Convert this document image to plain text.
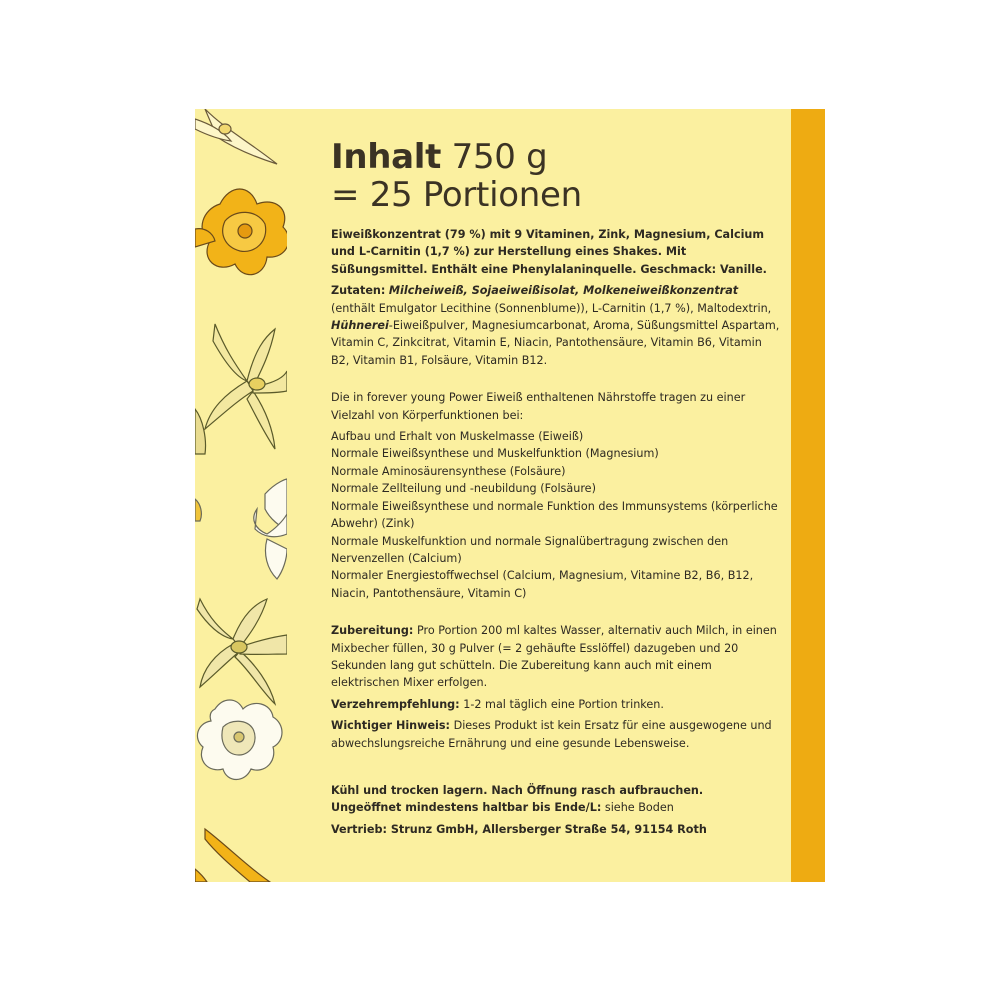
Inhalt 750 g
= 25 Portionen

Eiweißkonzentrat (79 %) mit 9 Vitaminen, Zink, Magnesium, Calcium und L-Carnitin (1,7 %) zur Herstellung eines Shakes. Mit Süßungsmittel. Enthält eine Phenylalaninquelle. Geschmack: Vanille.

Zutaten: Milcheiweiß, Sojaeiweißisolat, Molkeneiweißkonzentrat (enthält Emulgator Lecithine (Sonnenblume)), L-Carnitin (1,7 %), Maltodextrin, Hühnerei-Eiweißpulver, Magnesiumcarbonat, Aroma, Süßungsmittel Aspartam, Vitamin C, Zinkcitrat, Vitamin E, Niacin, Pantothensäure, Vitamin B6, Vitamin B2, Vitamin B1, Folsäure, Vitamin B12.

Die in forever young Power Eiweiß enthaltenen Nährstoffe tragen zu einer Vielzahl von Körperfunktionen bei:

Aufbau und Erhalt von Muskelmasse (Eiweiß)

Normale Eiweißsynthese und Muskelfunktion (Magnesium)

Normale Aminosäurensynthese (Folsäure)

Normale Zellteilung und -neubildung (Folsäure)

Normale Eiweißsynthese und normale Funktion des Immunsystems (körperliche Abwehr) (Zink)

Normale Muskelfunktion und normale Signalübertragung zwischen den Nervenzellen (Calcium)

Normaler Energiestoffwechsel (Calcium, Magnesium, Vitamine B2, B6, B12, Niacin, Pantothensäure, Vitamin C)

Zubereitung: Pro Portion 200 ml kaltes Wasser, alternativ auch Milch, in einen Mixbecher füllen, 30 g Pulver (= 2 gehäufte Esslöffel) dazugeben und 20 Sekunden lang gut schütteln. Die Zubereitung kann auch mit einem elektrischen Mixer erfolgen.

Verzehrempfehlung: 1-2 mal täglich eine Portion trinken.

Wichtiger Hinweis: Dieses Produkt ist kein Ersatz für eine ausgewogene und abwechslungsreiche Ernährung und eine gesunde Lebensweise.

Kühl und trocken lagern. Nach Öffnung rasch aufbrauchen.

Ungeöffnet mindestens haltbar bis Ende/L: siehe Boden

Vertrieb: Strunz GmbH, Allersberger Straße 54, 91154 Roth
